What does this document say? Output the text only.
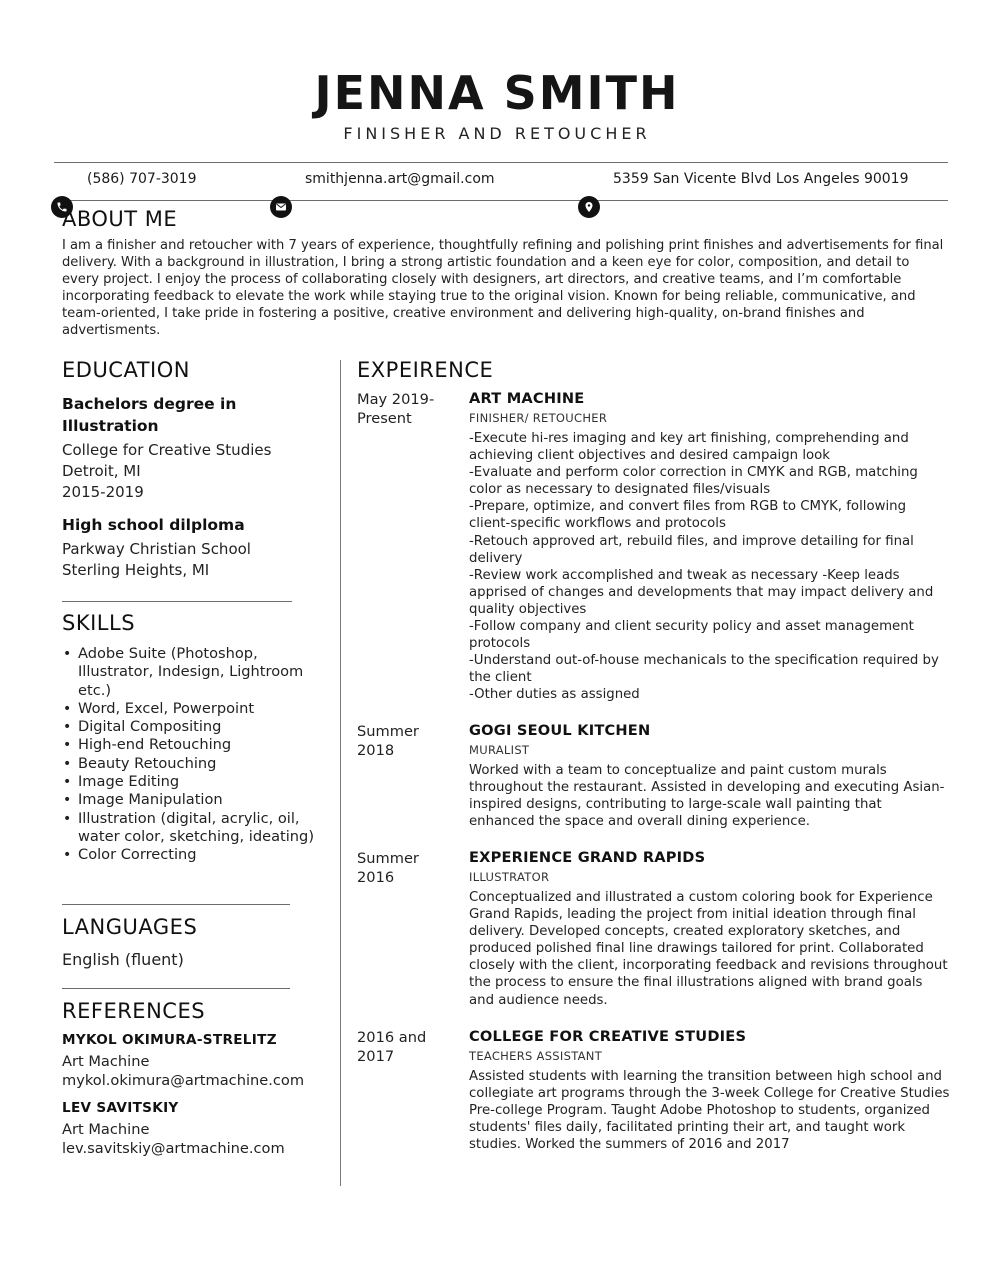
JENNA SMITH
FINISHER AND RETOUCHER
(586) 707-3019	smithjenna.art@gmail.com	5359 San Vicente Blvd Los Angeles 90019
ABOUT ME
I am a finisher and retoucher with 7 years of experience, thoughtfully refining and polishing print finishes and advertisements for final delivery. With a background in illustration, I bring a strong artistic foundation and a keen eye for color, composition, and detail to every project. I enjoy the process of collaborating closely with designers, art directors, and creative teams, and I’m comfortable incorporating feedback to elevate the work while staying true to the original vision. Known for being reliable, communicative, and team-oriented, I take pride in fostering a positive, creative environment and delivering high-quality, on-brand finishes and advertisments.
EDUCATION
Bachelors degree in Illustration
College for Creative Studies
Detroit, MI
2015-2019
High school dilploma
Parkway Christian School
Sterling Heights, MI
SKILLS
• Adobe Suite (Photoshop, Illustrator, Indesign, Lightroom etc.)
• Word, Excel, Powerpoint
• Digital Compositing
• High-end Retouching
• Beauty Retouching
• Image Editing
• Image Manipulation
• Illustration (digital, acrylic, oil, water color, sketching, ideating)
• Color Correcting
LANGUAGES
English (fluent)
REFERENCES
MYKOL OKIMURA-STRELITZ
Art Machine
mykol.okimura@artmachine.com
LEV SAVITSKIY
Art Machine
lev.savitskiy@artmachine.com
EXPEIRENCE
May 2019- Present
ART MACHINE
FINISHER/ RETOUCHER
-Execute hi-res imaging and key art finishing, comprehending and achieving client objectives and desired campaign look
-Evaluate and perform color correction in CMYK and RGB, matching color as necessary to designated files/visuals
-Prepare, optimize, and convert files from RGB to CMYK, following client-specific workflows and protocols
-Retouch approved art, rebuild files, and improve detailing for final delivery
-Review work accomplished and tweak as necessary -Keep leads apprised of changes and developments that may impact delivery and quality objectives
-Follow company and client security policy and asset management protocols
-Understand out-of-house mechanicals to the specification required by the client
-Other duties as assigned
Summer 2018
GOGI SEOUL KITCHEN
MURALIST
Worked with a team to conceptualize and paint custom murals throughout the restaurant. Assisted in developing and executing Asian-inspired designs, contributing to large-scale wall painting that enhanced the space and overall dining experience.
Summer 2016
EXPERIENCE GRAND RAPIDS
ILLUSTRATOR
Conceptualized and illustrated a custom coloring book for Experience Grand Rapids, leading the project from initial ideation through final delivery. Developed concepts, created exploratory sketches, and produced polished final line drawings tailored for print. Collaborated closely with the client, incorporating feedback and revisions throughout the process to ensure the final illustrations aligned with brand goals and audience needs.
2016 and 2017
COLLEGE FOR CREATIVE STUDIES
TEACHERS ASSISTANT
Assisted students with learning the transition between high school and collegiate art programs through the 3-week College for Creative Studies Pre-college Program. Taught Adobe Photoshop to students, organized students' files daily, facilitated printing their art, and taught work studies. Worked the summers of 2016 and 2017
